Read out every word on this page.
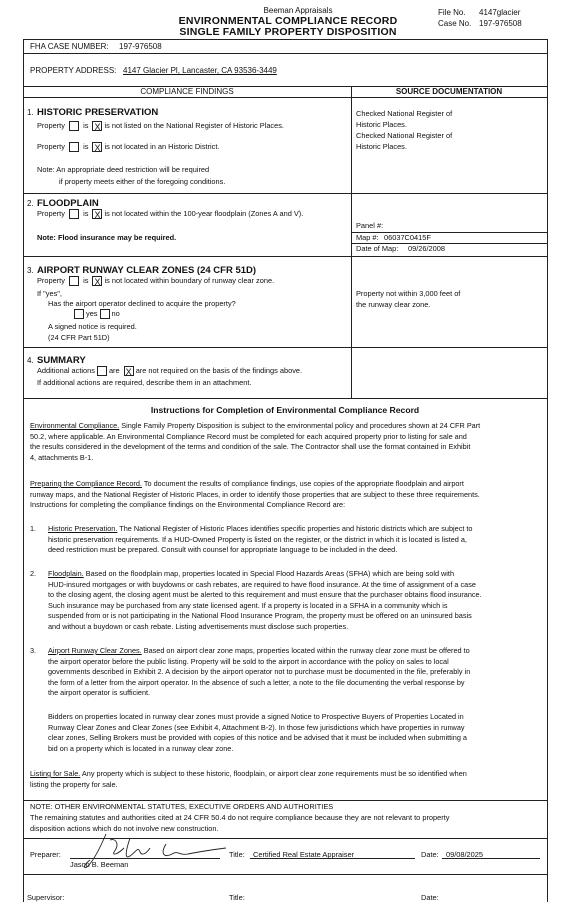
Beeman Appraisals
ENVIRONMENTAL COMPLIANCE RECORD
SINGLE FAMILY PROPERTY DISPOSITION
File No. 4147glacier
Case No. 197-976508
FHA CASE NUMBER: 197-976508
PROPERTY ADDRESS: 4147 Glacier Pl, Lancaster, CA 93536-3449
COMPLIANCE FINDINGS	SOURCE DOCUMENTATION
1. HISTORIC PRESERVATION
Property is X is not listed on the National Register of Historic Places.
Property is X is not located in an Historic District.
Note: An appropriate deed restriction will be required
if property meets either of the foregoing conditions.
Checked National Register of
Historic Places.
Checked National Register of
Historic Places.
2. FLOODPLAIN
Property is X is not located within the 100-year floodplain (Zones A and V).
Note: Flood insurance may be required.
Panel #:
Map #: 06037C0415F
Date of Map: 09/26/2008
3. AIRPORT RUNWAY CLEAR ZONES (24 CFR 51D)
Property is X is not located within boundary of runway clear zone.
If "yes",
Has the airport operator declined to acquire the property?
yes no
A signed notice is required.
(24 CFR Part 51D)
Property not within 3,000 feet of
the runway clear zone.
4. SUMMARY
Additional actions are X are not required on the basis of the findings above.
If additional actions are required, describe them in an attachment.
Instructions for Completion of Environmental Compliance Record
Environmental Compliance. Single Family Property Disposition is subject to the environmental policy and procedures shown at 24 CFR Part
50.2, where applicable. An Environmental Compliance Record must be completed for each acquired property prior to listing for sale and
the results considered in the development of the terms and condition of the sale. The Contractor shall use the format contained in Exhibit
4, attachments B-1.
Preparing the Compliance Record. To document the results of compliance findings, use copies of the appropriate floodplain and airport
runway maps, and the National Register of Historic Places, in order to identify those properties that are subject to these three requirements.
Instructions for completing the compliance findings on the Environmental Compliance Record are:
1. Historic Preservation. The National Register of Historic Places identifies specific properties and historic districts which are subject to
historic preservation requirements. If a HUD-Owned Property is listed on the register, or the district in which it is located is listed a,
deed restriction must be prepared. Consult with counsel for appropriate language to be included in the deed.
2. Floodplain. Based on the floodplain map, properties located in Special Flood Hazards Areas (SFHA) which are being sold with
HUD-insured mortgages or with buydowns or cash rebates, are required to have flood insurance. At the time of assignment of a case
to the closing agent, the closing agent must be alerted to this requirement and must ensure that the purchaser obtains flood insurance.
Such insurance may be purchased from any state licensed agent. If a property is located in a SFHA in a community which is
suspended from or is not participating in the National Flood Insurance Program, the property must be offered on an uninsured basis
and without a buydown or cash rebate. Listing advertisements must disclose such properties.
3. Airport Runway Clear Zones. Based on airport clear zone maps, properties located within the runway clear zone must be offered to
the airport operator before the public listing. Property will be sold to the airport in accordance with the policy on sales to local
governments described in Exhibit 2. A decision by the airport operator not to purchase must be documented in the file, preferably in
the form of a letter from the airport operator. In the absence of such a letter, a note to the file documenting the verbal response by
the airport operator is sufficient.
Bidders on properties located in runway clear zones must provide a signed Notice to Prospective Buyers of Properties Located in
Runway Clear Zones and Clear Zones (see Exhibit 4, Attachment B-2). In those few jurisdictions which have properties in runway
clear zones, Selling Brokers must be provided with copies of this notice and be advised that it must be included when submitting a
bid on a property which is located in a runway clear zone.
Listing for Sale. Any property which is subject to these historic, floodplain, or airport clear zone requirements must be so identified when
listing the property for sale.
NOTE: OTHER ENVIRONMENTAL STATUTES, EXECUTIVE ORDERS AND AUTHORITIES
The remaining statutes and authorities cited at 24 CFR 50.4 do not require compliance because they are not relevant to property
disposition actions which do not involve new construction.
Preparer:
Jason B. Beeman
Title: Certified Real Estate Appraiser	Date: 09/08/2025
Supervisor:	Title:	Date:
